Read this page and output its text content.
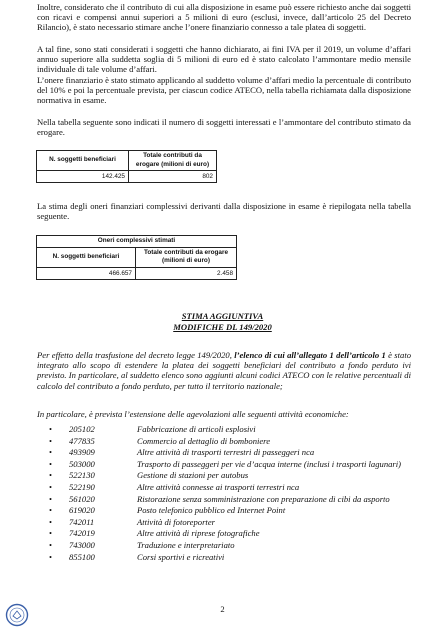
Inoltre, considerato che il contributo di cui alla disposizione in esame può essere richiesto anche dai soggetti con ricavi e compensi annui superiori a 5 milioni di euro (esclusi, invece, dall’articolo 25 del Decreto Rilancio), è stato necessario stimare anche l’onere finanziario connesso a tale platea di soggetti.

A tal fine, sono stati considerati i soggetti che hanno dichiarato, ai fini IVA per il 2019, un volume d’affari annuo superiore alla suddetta soglia di 5 milioni di euro ed è stato calcolato l’ammontare medio mensile individuale di tale volume d’affari.

L’onere finanziario è stato stimato applicando al suddetto volume d’affari medio la percentuale di contributo del 10% e poi la percentuale prevista, per ciascun codice ATECO, nella tabella richiamata dalla disposizione normativa in esame.

Nella tabella seguente sono indicati il numero di soggetti interessati e l’ammontare del contributo stimato da erogare.

N. soggetti beneficiari	Totale contributi da erogare (milioni di euro)
142.425	802

La stima degli oneri finanziari complessivi derivanti dalla disposizione in esame è riepilogata nella tabella seguente.

Oneri complessivi stimati	
N. soggetti beneficiari	Totale contributi da erogare (milioni di euro)
466.657	2.458

STIMA AGGIUNTIVA

MODIFICHE DL 149/2020

Per effetto della trasfusione del decreto legge 149/2020, l’elenco di cui all’allegato 1 dell’articolo 1 è stato integrato allo scopo di estendere la platea dei soggetti beneficiari del contributo a fondo perduto ivi previsto. In particolare, al suddetto elenco sono aggiunti alcuni codici ATECO con le relative percentuali di calcolo del contributo a fondo perduto, per tutto il territorio nazionale;

In particolare, è prevista l’estensione delle agevolazioni alle seguenti attività economiche:

• 205102	Fabbricazione di articoli esplosivi
• 477835	Commercio al dettaglio di bomboniere
• 493909	Altre attività di trasporti terrestri di passeggeri nca
• 503000	Trasporto di passeggeri per vie d’acqua interne (inclusi i trasporti lagunari)
• 522130	Gestione di stazioni per autobus
• 522190	Altre attività connesse ai trasporti terrestri nca
• 561020	Ristorazione senza somministrazione con preparazione di cibi da asporto
• 619020	Posto telefonico pubblico ed Internet Point
• 742011	Attività di fotoreporter
• 742019	Altre attività di riprese fotografiche
• 743000	Traduzione e interpretariato
• 855100	Corsi sportivi e ricreativi
2
